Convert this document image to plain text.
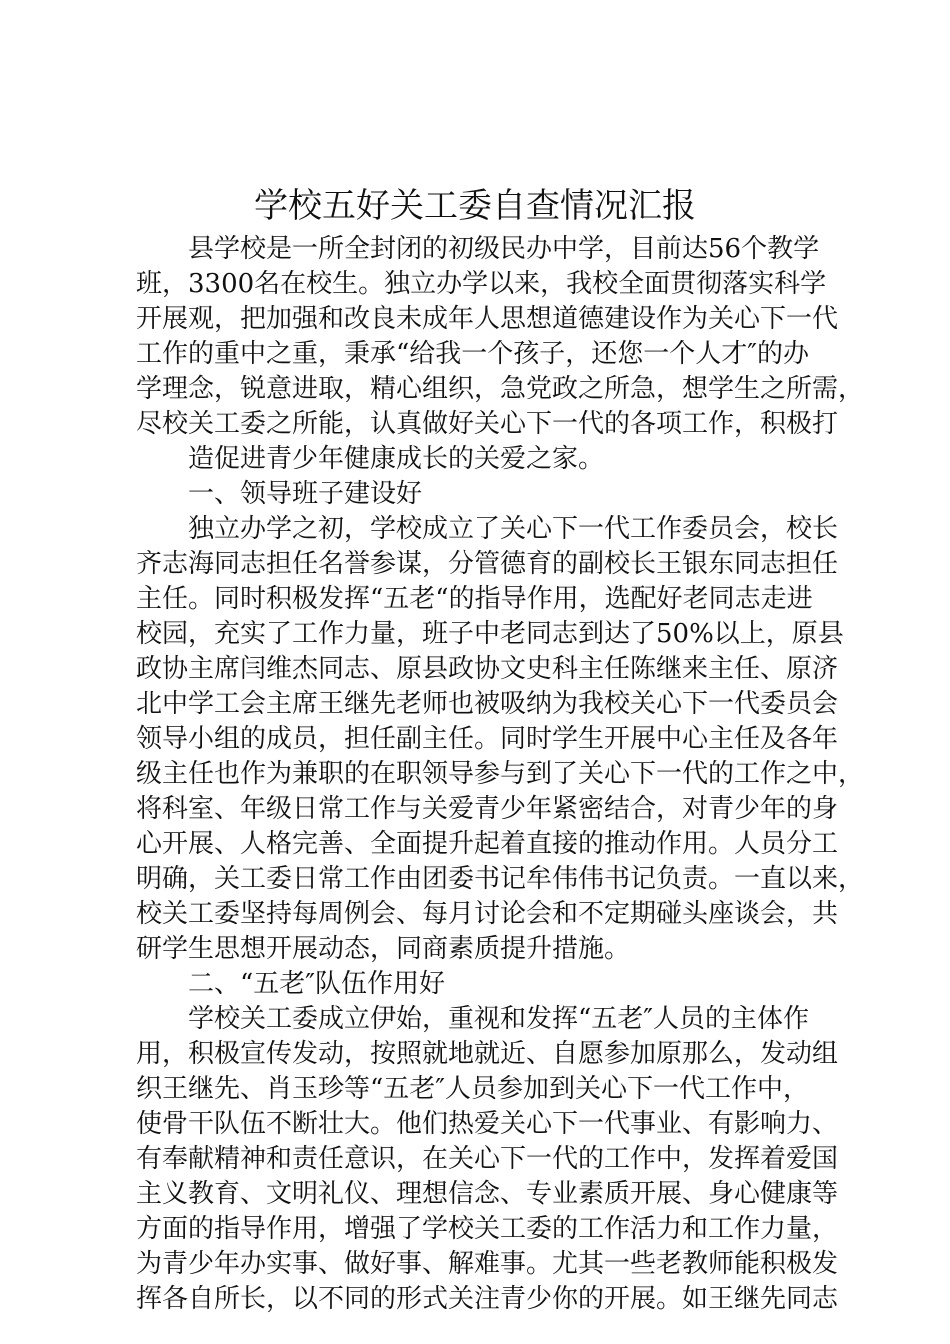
学校五好关工委自查情况汇报
县学校是一所全封闭的初级民办中学，目前达56个教学
班，3300名在校生。独立办学以来，我校全面贯彻落实科学
开展观，把加强和改良未成年人思想道德建设作为关心下一代
工作的重中之重，秉承“给我一个孩子，还您一个人才″的办
学理念，锐意进取，精心组织，急党政之所急，想学生之所需，
尽校关工委之所能，认真做好关心下一代的各项工作，积极打
造促进青少年健康成长的关爱之家。
一、领导班子建设好
独立办学之初，学校成立了关心下一代工作委员会，校长
齐志海同志担任名誉参谋，分管德育的副校长王银东同志担任
主任。同时积极发挥“五老“的指导作用，选配好老同志走进
校园，充实了工作力量，班子中老同志到达了50%以上，原县
政协主席闫维杰同志、原县政协文史科主任陈继来主任、原济
北中学工会主席王继先老师也被吸纳为我校关心下一代委员会
领导小组的成员，担任副主任。同时学生开展中心主任及各年
级主任也作为兼职的在职领导参与到了关心下一代的工作之中，
将科室、年级日常工作与关爱青少年紧密结合，对青少年的身
心开展、人格完善、全面提升起着直接的推动作用。人员分工
明确，关工委日常工作由团委书记牟伟伟书记负责。一直以来，
校关工委坚持每周例会、每月讨论会和不定期碰头座谈会，共
研学生思想开展动态，同商素质提升措施。
二、“五老″队伍作用好
学校关工委成立伊始，重视和发挥“五老″人员的主体作
用，积极宣传发动，按照就地就近、自愿参加原那么，发动组
织王继先、肖玉珍等“五老″人员参加到关心下一代工作中，
使骨干队伍不断壮大。他们热爱关心下一代事业、有影响力、
有奉献精神和责任意识，在关心下一代的工作中，发挥着爱国
主义教育、文明礼仪、理想信念、专业素质开展、身心健康等
方面的指导作用，增强了学校关工委的工作活力和工作力量，
为青少年办实事、做好事、解难事。尤其一些老教师能积极发
挥各自所长，以不同的形式关注青少你的开展。如王继先同志
